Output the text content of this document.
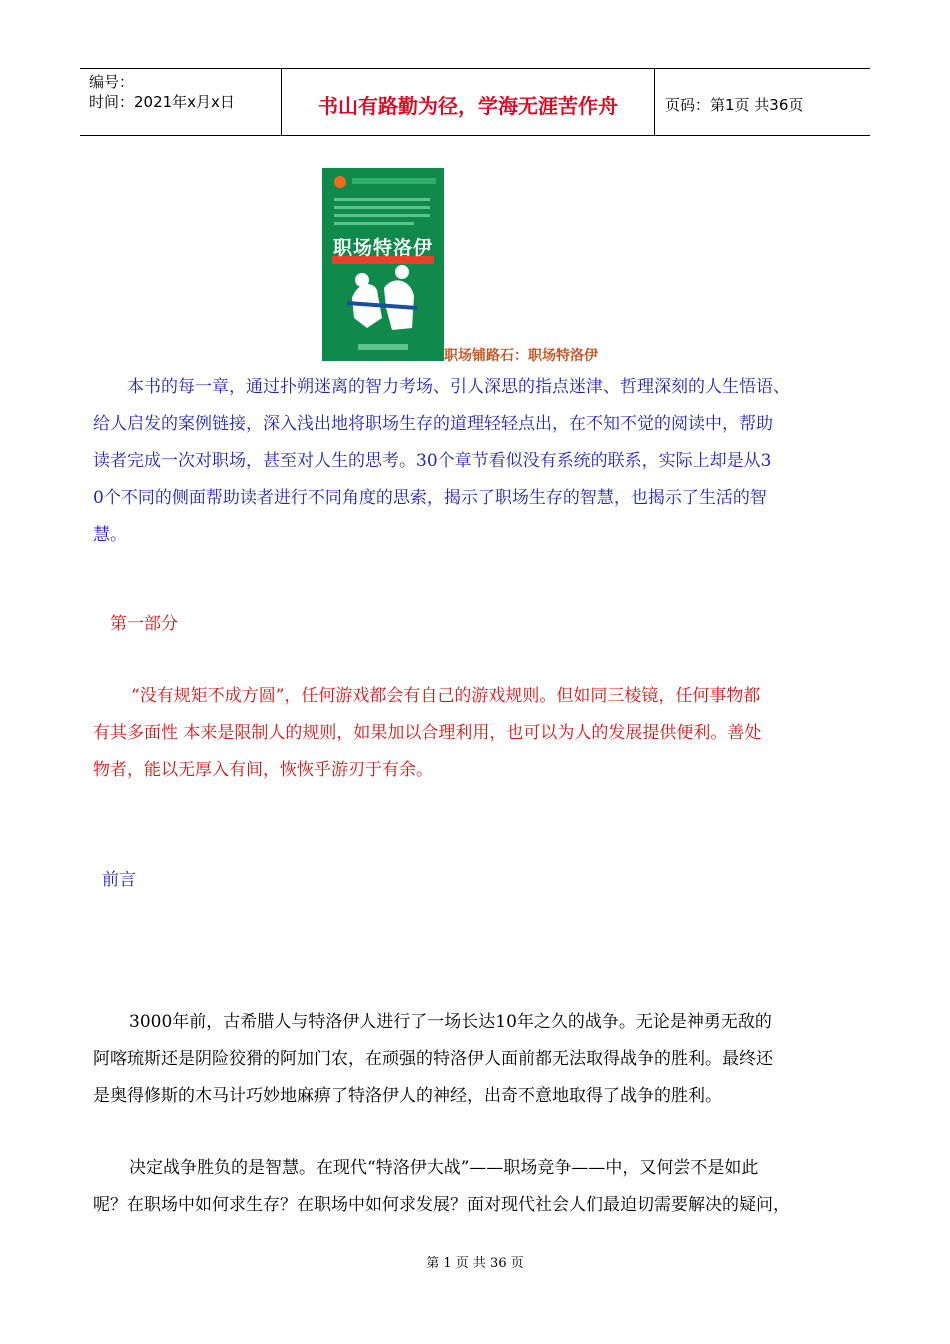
编号：
时间：2021年x月x日	书山有路勤为径，学海无涯苦作舟	页码：第1页 共36页
职场特洛伊
职场铺路石：职场特洛伊
本书的每一章，通过扑朔迷离的智力考场、引人深思的指点迷津、哲理深刻的人生悟语、
给人启发的案例链接，深入浅出地将职场生存的道理轻轻点出，在不知不觉的阅读中，帮助
读者完成一次对职场，甚至对人生的思考。30个章节看似没有系统的联系，实际上却是从3
0个不同的侧面帮助读者进行不同角度的思索，揭示了职场生存的智慧，也揭示了生活的智
慧。
第一部分
“没有规矩不成方圆”，任何游戏都会有自己的游戏规则。但如同三棱镜，任何事物都
有其多面性 本来是限制人的规则，如果加以合理利用，也可以为人的发展提供便利。善处
物者，能以无厚入有间，恢恢乎游刃于有余。
前言
3000年前，古希腊人与特洛伊人进行了一场长达10年之久的战争。无论是神勇无敌的
阿喀琉斯还是阴险狡猾的阿加门农，在顽强的特洛伊人面前都无法取得战争的胜利。最终还
是奥得修斯的木马计巧妙地麻痹了特洛伊人的神经，出奇不意地取得了战争的胜利。
决定战争胜负的是智慧。在现代“特洛伊大战”——职场竞争——中，又何尝不是如此
呢？在职场中如何求生存？在职场中如何求发展？面对现代社会人们最迫切需要解决的疑问，
第 1 页 共 36 页
